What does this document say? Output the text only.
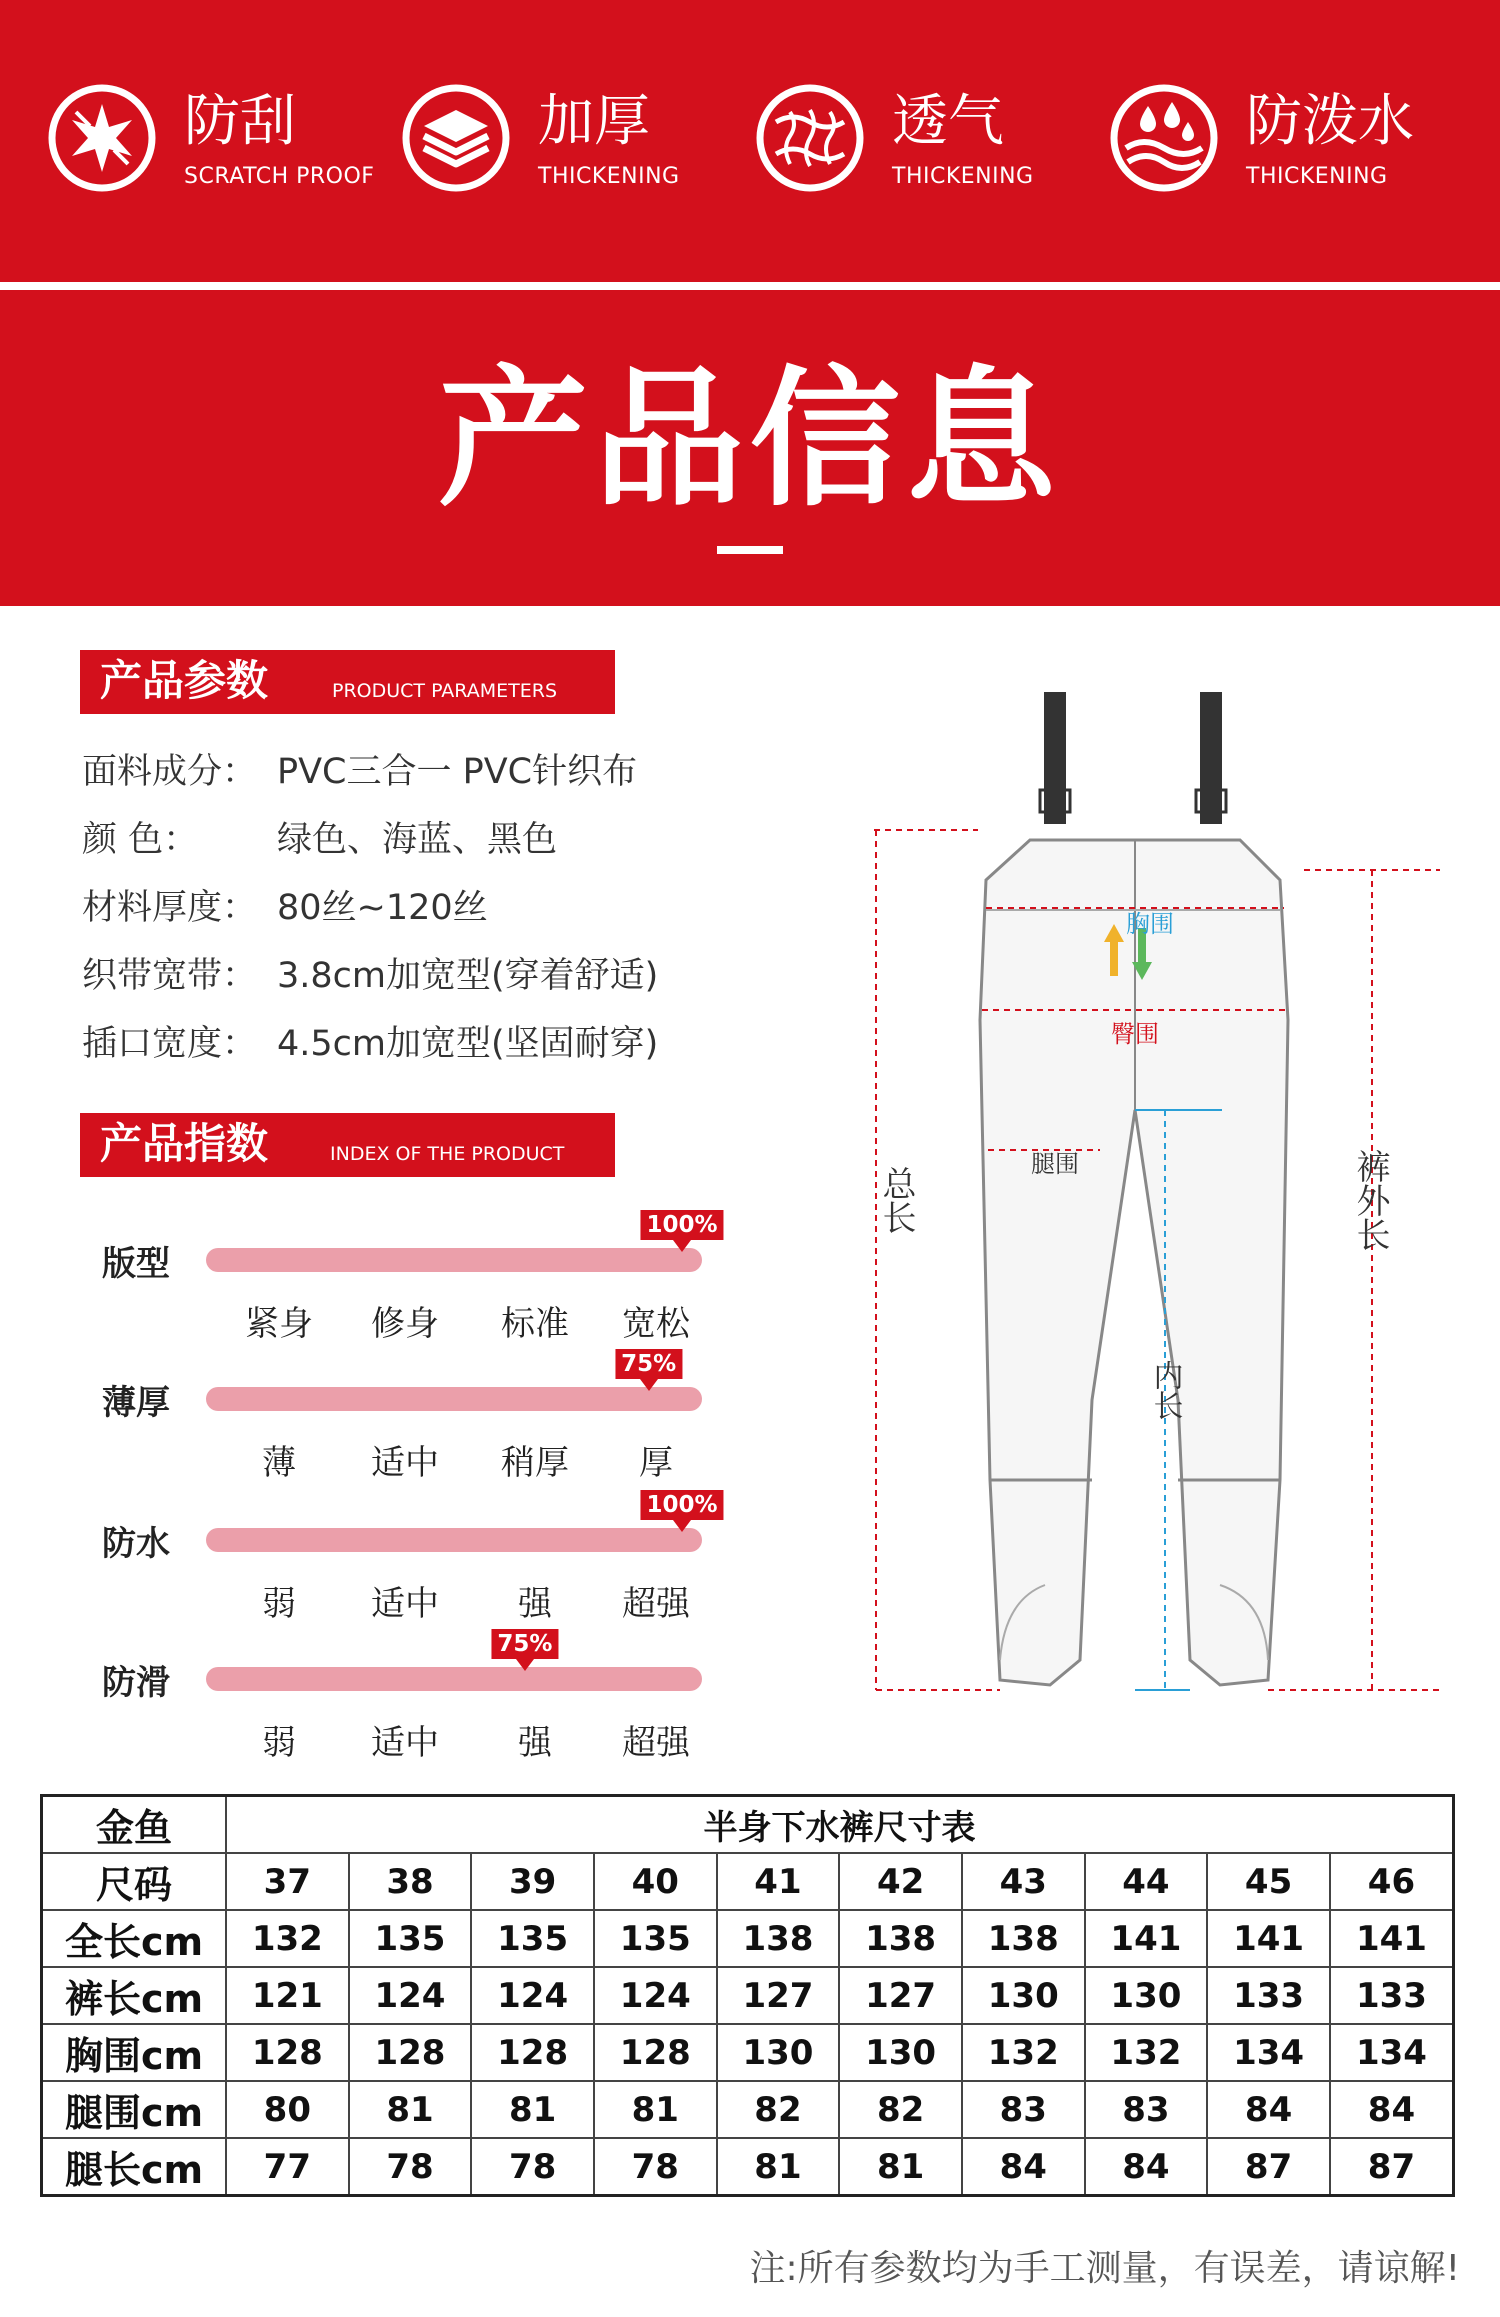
防刮
SCRATCH PROOF
加厚
THICKENING
透气
THICKENING
防泼水
THICKENING
产品信息
产品参数	PRODUCT PARAMETERS
面料成分： PVC三合一 PVC针织布
颜 色： 绿色、海蓝、黑色
材料厚度： 80丝~120丝
织带宽带： 3.8cm加宽型(穿着舒适)
插口宽度： 4.5cm加宽型(坚固耐穿)
产品指数	INDEX OF THE PRODUCT
版型
100%
紧身 修身 标准 宽松
薄厚
75%
薄 适中 稍厚 厚
防水
100%
弱 适中 强 超强
防滑
75%
弱 适中 强 超强
胸围
臀围
腿围
总长
内长
裤外长
金鱼	半身下水裤尺寸表									
尺码	37	38	39	40	41	42	43	44	45	46
全长cm	132	135	135	135	138	138	138	141	141	141
裤长cm	121	124	124	124	127	127	130	130	133	133
胸围cm	128	128	128	128	130	130	132	132	134	134
腿围cm	80	81	81	81	82	82	83	83	84	84
腿长cm	77	78	78	78	81	81	84	84	87	87
注:所有参数均为手工测量，有误差，请谅解!
